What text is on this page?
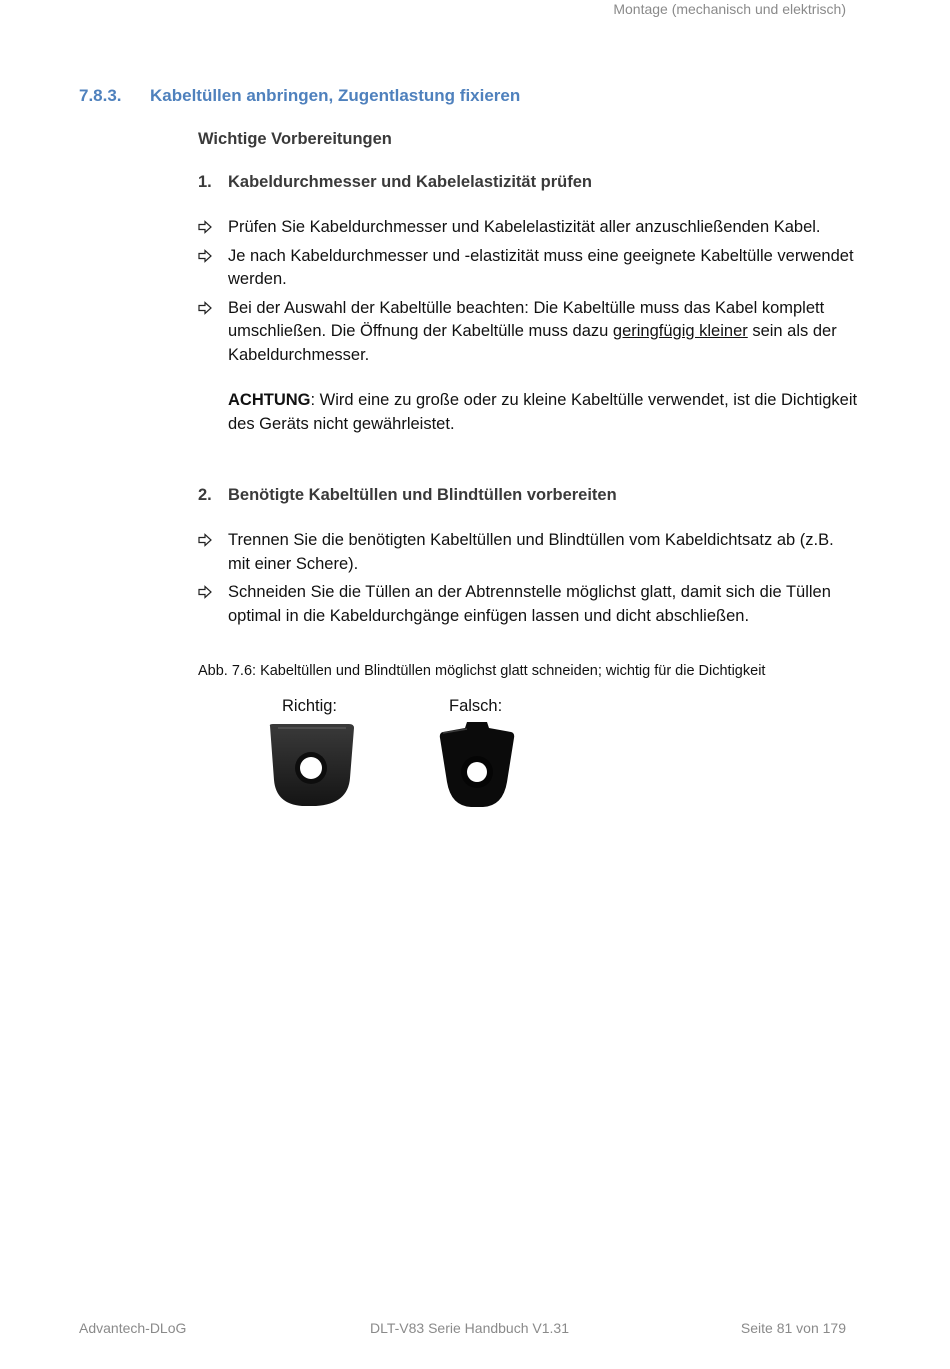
Montage (mechanisch und elektrisch)
7.8.3. Kabeltüllen anbringen, Zugentlastung fixieren
Wichtige Vorbereitungen
1. Kabeldurchmesser und Kabelelastizität prüfen
Prüfen Sie Kabeldurchmesser und Kabelelastizität aller anzuschließenden Kabel.
Je nach Kabeldurchmesser und -elastizität muss eine geeignete Kabeltülle verwendet werden.
Bei der Auswahl der Kabeltülle beachten: Die Kabeltülle muss das Kabel komplett umschließen. Die Öffnung der Kabeltülle muss dazu geringfügig kleiner sein als der Kabeldurchmesser.
ACHTUNG: Wird eine zu große oder zu kleine Kabeltülle verwendet, ist die Dichtigkeit des Geräts nicht gewährleistet.
2. Benötigte Kabeltüllen und Blindtüllen vorbereiten
Trennen Sie die benötigten Kabeltüllen und Blindtüllen vom Kabeldichtsatz ab (z.B. mit einer Schere).
Schneiden Sie die Tüllen an der Abtrennstelle möglichst glatt, damit sich die Tüllen optimal in die Kabeldurchgänge einfügen lassen und dicht abschließen.
Abb. 7.6: Kabeltüllen und Blindtüllen möglichst glatt schneiden; wichtig für die Dichtigkeit
Richtig:	Falsch:
Advantech-DLoG	DLT-V83 Serie Handbuch V1.31	Seite 81 von 179
